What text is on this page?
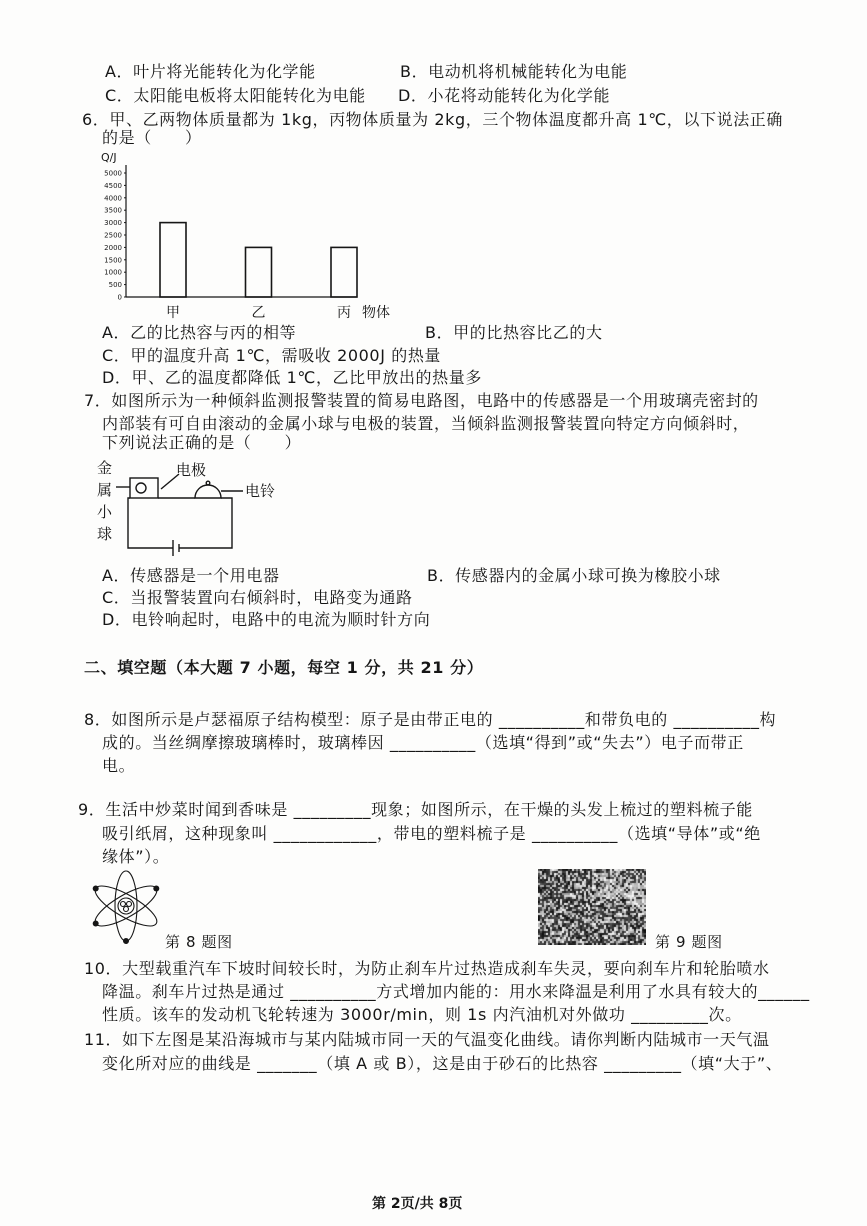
A．叶片将光能转化为化学能	B．电动机将机械能转化为电能
C．太阳能电板将太阳能转化为电能 D．小花将动能转化为化学能
6．甲、乙两物体质量都为 1kg，丙物体质量为 2kg，三个物体温度都升高 1℃，以下说法正确
的是（　　）
Q/J
物体
0
500
1000
1500
2000
2500
3000
3500
4000
4500
5000
甲	乙	丙
A．乙的比热容与丙的相等	B．甲的比热容比乙的大
C．甲的温度升高 1℃，需吸收 2000J 的热量
D．甲、乙的温度都降低 1℃，乙比甲放出的热量多
7．如图所示为一种倾斜监测报警装置的简易电路图，电路中的传感器是一个用玻璃壳密封的
内部装有可自由滚动的金属小球与电极的装置，当倾斜监测报警装置向特定方向倾斜时，
下列说法正确的是（　　）
金属小球	电极
电铃
A．传感器是一个用电器	B．传感器内的金属小球可换为橡胶小球
C．当报警装置向右倾斜时，电路变为通路
D．电铃响起时，电路中的电流为顺时针方向
二、填空题（本大题 7 小题，每空 1 分，共 21 分）
8．如图所示是卢瑟福原子结构模型：原子是由带正电的 __________和带负电的 __________构
成的。当丝绸摩擦玻璃棒时，玻璃棒因 __________（选填“得到”或“失去”）电子而带正
电。
9．生活中炒菜时闻到香味是 _________现象；如图所示，在干燥的头发上梳过的塑料梳子能
吸引纸屑，这种现象叫 ____________，带电的塑料梳子是 __________（选填“导体”或“绝
缘体”）。
第 8 题图	第 9 题图
10．大型载重汽车下坡时间较长时，为防止刹车片过热造成刹车失灵，要向刹车片和轮胎喷水
降温。刹车片过热是通过 __________方式增加内能的：用水来降温是利用了水具有较大的______
性质。该车的发动机飞轮转速为 3000r/min，则 1s 内汽油机对外做功 _________次。
11．如下左图是某沿海城市与某内陆城市同一天的气温变化曲线。请你判断内陆城市一天气温
变化所对应的曲线是 _______（填 A 或 B），这是由于砂石的比热容 _________（填“大于”、
第 2页/共 8页
